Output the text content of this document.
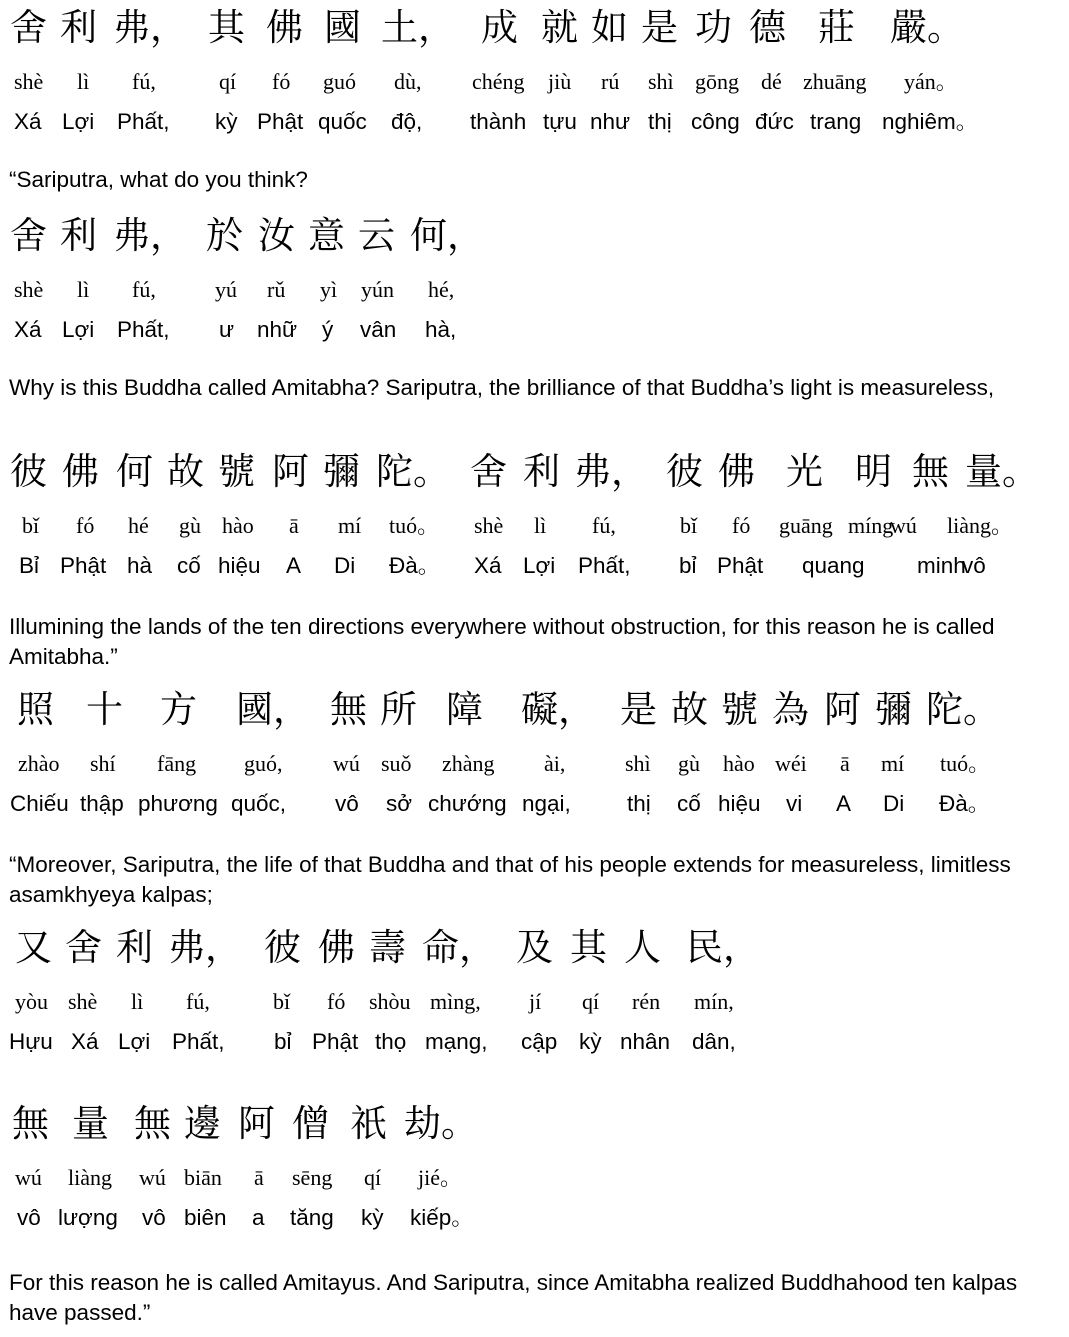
舍 利 弗， 其 佛 國 土， 成 就 如 是 功 德 莊 嚴。
shè lì fú,	qí fó guó dù, chéng jiù rú shì gōng dé zhuāng yán。
Xá Lợi Phất, kỳ Phật quốc độ, thành tựu như thị công đức trang nghiêm。
“Sariputra, what do you think?
舍 利 弗， 於 汝 意 云 何，
shè lì fú,	yú rǔ yì yún hé,
Xá Lợi Phất, ư nhữ ý vân hà,
Why is this Buddha called Amitabha? Sariputra, the brilliance of that Buddha’s light is measureless,
彼 佛 何 故 號 阿 彌 陀。 舍 利 弗， 彼 佛 光 明 無 量。
bǐ fó hé gù hào ā mí tuó。 shè lì fú,	bǐ fó guāng míng
wú liàng。
Bỉ Phật hà cố hiệu A Di Đà。 Xá Lợi Phất, bỉ Phật quang minh
vô
Illumining the lands of the ten directions everywhere without obstruction, for this reason he is called Amitabha.”
照 十 方 國， 無 所 障 礙， 是 故 號 為 阿 彌 陀。
zhào shí fāng guó, wú suǒ zhàng ài,	shì gù hào wéi ā mí tuó。
Chiếu thập phương quốc, vô sở chướng ngại, thị cố hiệu vi A Di Đà。
“Moreover, Sariputra, the life of that Buddha and that of his people extends for measureless, limitless asamkhyeya kalpas;
又 舍 利 弗， 彼 佛 壽 命， 及 其 人 民，
yòu shè lì fú,	bǐ fó shòu mìng, jí qí rén mín,
Hựu Xá Lợi Phất, bỉ Phật thọ mạng, cập kỳ nhân dân,
無 量 無 邊 阿 僧 祇 劫。
wú liàng wú biān ā sēng qí jié。
vô lượng vô biên a tăng kỳ kiếp。
For this reason he is called Amitayus. And Sariputra, since Amitabha realized Buddhahood ten kalpas have passed.”
